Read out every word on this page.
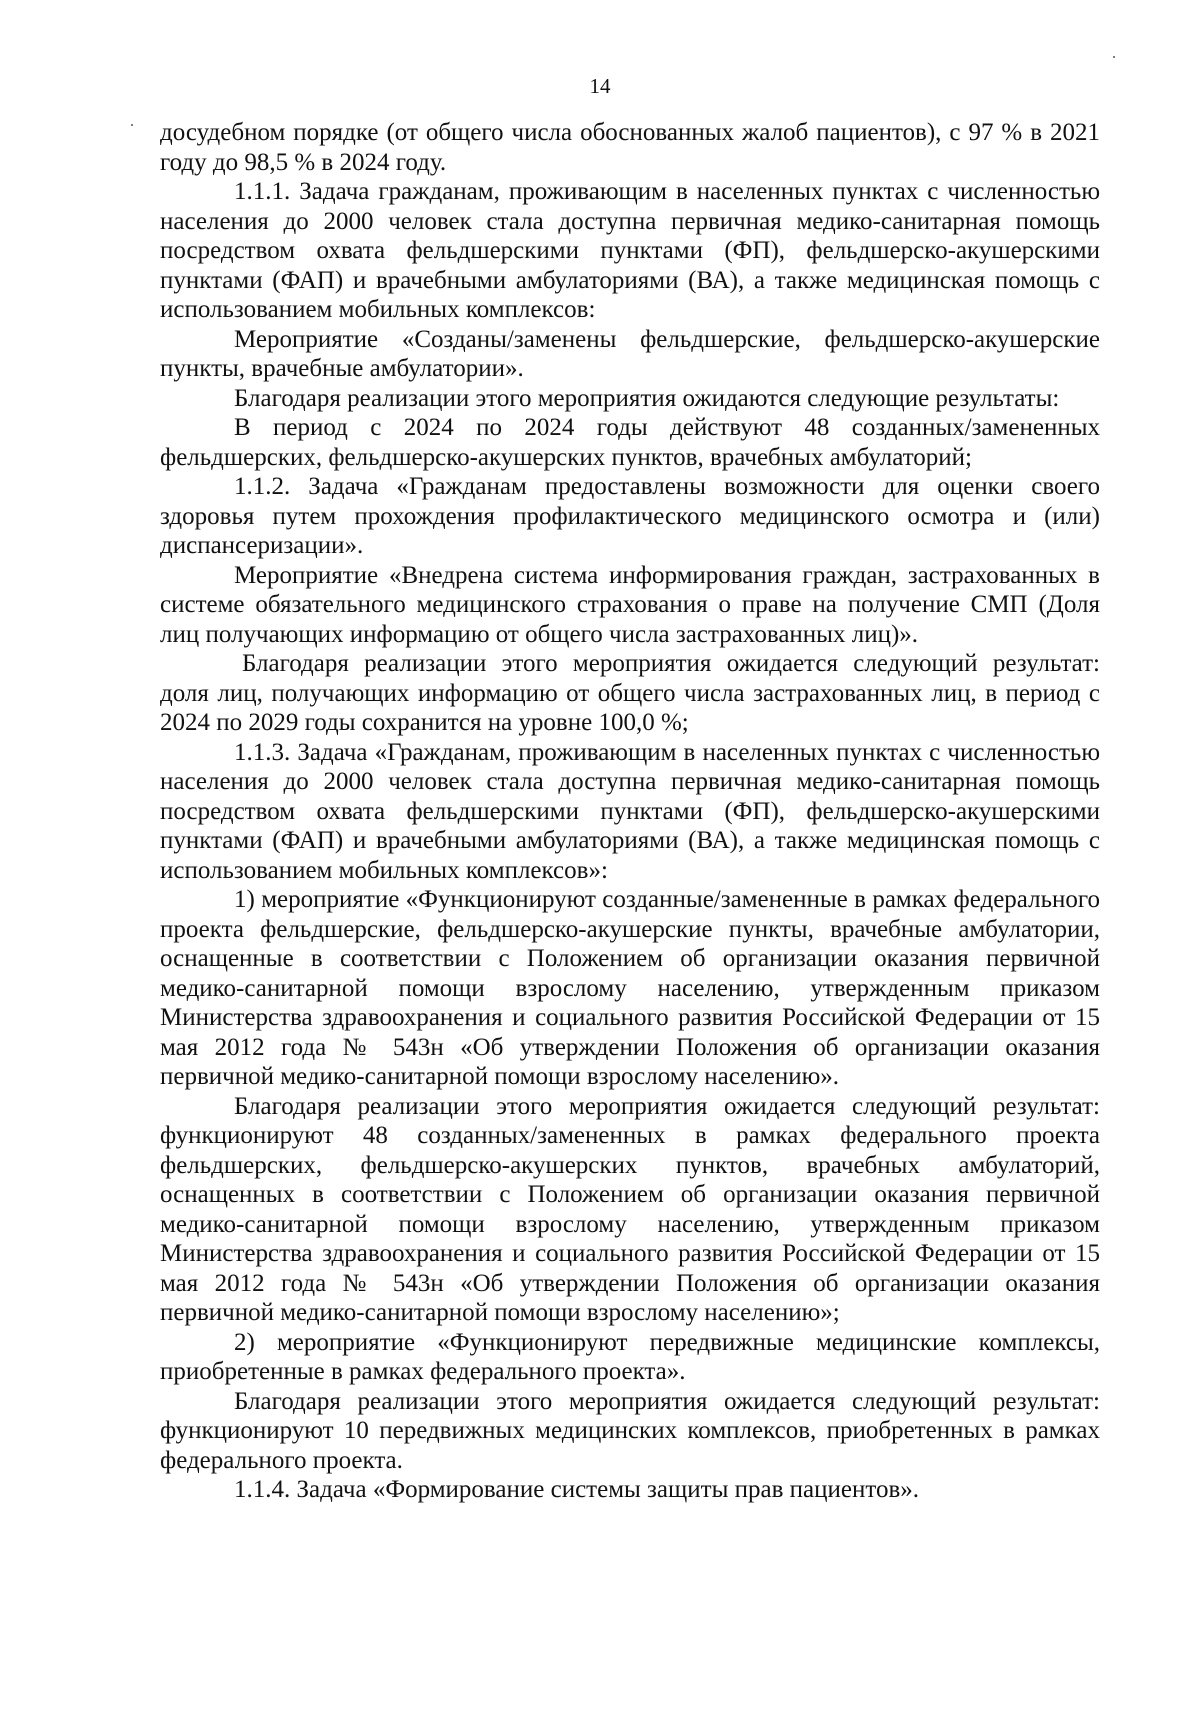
14

досудебном порядке (от общего числа обоснованных жалоб пациентов), с 97 % в 2021 году до 98,5 % в 2024 году.

1.1.1. Задача гражданам, проживающим в населенных пунктах с численностью населения до 2000 человек стала доступна первичная медико-санитарная помощь посредством охвата фельдшерскими пунктами (ФП), фельдшерско-акушерскими пунктами (ФАП) и врачебными амбулаториями (ВА), а также медицинская помощь с использованием мобильных комплексов:

Мероприятие «Созданы/заменены фельдшерские, фельдшерско-акушерские пункты, врачебные амбулатории».

Благодаря реализации этого мероприятия ожидаются следующие результаты:

В период с 2024 по 2024 годы действуют 48 созданных/замененных фельдшерских, фельдшерско-акушерских пунктов, врачебных амбулаторий;

1.1.2. Задача «Гражданам предоставлены возможности для оценки своего здоровья путем прохождения профилактического медицинского осмотра и (или) диспансеризации».

Мероприятие «Внедрена система информирования граждан, застрахованных в системе обязательного медицинского страхования о праве на получение СМП (Доля лиц получающих информацию от общего числа застрахованных лиц)».

Благодаря реализации этого мероприятия ожидается следующий результат: доля лиц, получающих информацию от общего числа застрахованных лиц, в период с 2024 по 2029 годы сохранится на уровне 100,0 %;

1.1.3. Задача «Гражданам, проживающим в населенных пунктах с численностью населения до 2000 человек стала доступна первичная медико-санитарная помощь посредством охвата фельдшерскими пунктами (ФП), фельдшерско-акушерскими пунктами (ФАП) и врачебными амбулаториями (ВА), а также медицинская помощь с использованием мобильных комплексов»:

1) мероприятие «Функционируют созданные/замененные в рамках федерального проекта фельдшерские, фельдшерско-акушерские пункты, врачебные амбулатории, оснащенные в соответствии с Положением об организации оказания первичной медико-санитарной помощи взрослому населению, утвержденным приказом Министерства здравоохранения и социального развития Российской Федерации от 15 мая 2012 года № 543н «Об утверждении Положения об организации оказания первичной медико-санитарной помощи взрослому населению».

Благодаря реализации этого мероприятия ожидается следующий результат: функционируют 48 созданных/замененных в рамках федерального проекта фельдшерских, фельдшерско-акушерских пунктов, врачебных амбулаторий, оснащенных в соответствии с Положением об организации оказания первичной медико-санитарной помощи взрослому населению, утвержденным приказом Министерства здравоохранения и социального развития Российской Федерации от 15 мая 2012 года № 543н «Об утверждении Положения об организации оказания первичной медико-санитарной помощи взрослому населению»;

2) мероприятие «Функционируют передвижные медицинские комплексы, приобретенные в рамках федерального проекта».

Благодаря реализации этого мероприятия ожидается следующий результат: функционируют 10 передвижных медицинских комплексов, приобретенных в рамках федерального проекта.

1.1.4. Задача «Формирование системы защиты прав пациентов».
